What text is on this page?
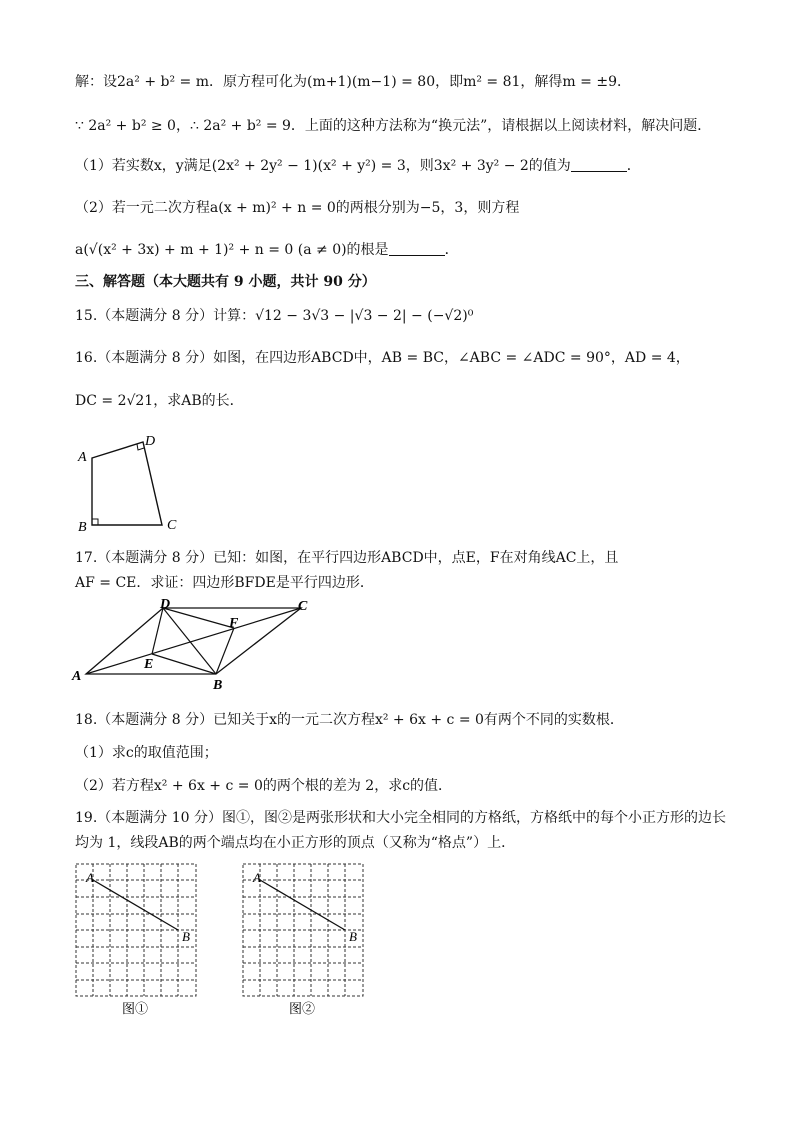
解：设2a² + b² = m．原方程可化为(m+1)(m−1) = 80，即m² = 81，解得m = ±9．
∵ 2a² + b² ≥ 0，∴ 2a² + b² = 9．上面的这种方法称为“换元法”，请根据以上阅读材料，解决问题．
（1）若实数x，y满足(2x² + 2y² − 1)(x² + y²) = 3，则3x² + 3y² − 2的值为	．
（2）若一元二次方程a(x + m)² + n = 0的两根分别为−5，3，则方程
a(√(x² + 3x) + m + 1)² + n = 0 (a ≠ 0)的根是	．
三、解答题（本大题共有 9 小题，共计 90 分）
15.（本题满分 8 分）计算：√12 − 3√3 − |√3 − 2| − (−√2)⁰
16.（本题满分 8 分）如图，在四边形ABCD中，AB = BC，∠ABC = ∠ADC = 90°，AD = 4，
DC = 2√21，求AB的长．
A
B	C
D
17.（本题满分 8 分）已知：如图，在平行四边形ABCD中，点E，F在对角线AC上，且
AF = CE．求证：四边形BFDE是平行四边形．
A
B
C
D
E
F
18.（本题满分 8 分）已知关于x的一元二次方程x² + 6x + c = 0有两个不同的实数根．
（1）求c的取值范围；
（2）若方程x² + 6x + c = 0的两个根的差为 2，求c的值．
19.（本题满分 10 分）图①，图②是两张形状和大小完全相同的方格纸，方格纸中的每个小正方形的边长
均为 1，线段AB的两个端点均在小正方形的顶点（又称为“格点”）上．
A
B
图①
A
B
图②
